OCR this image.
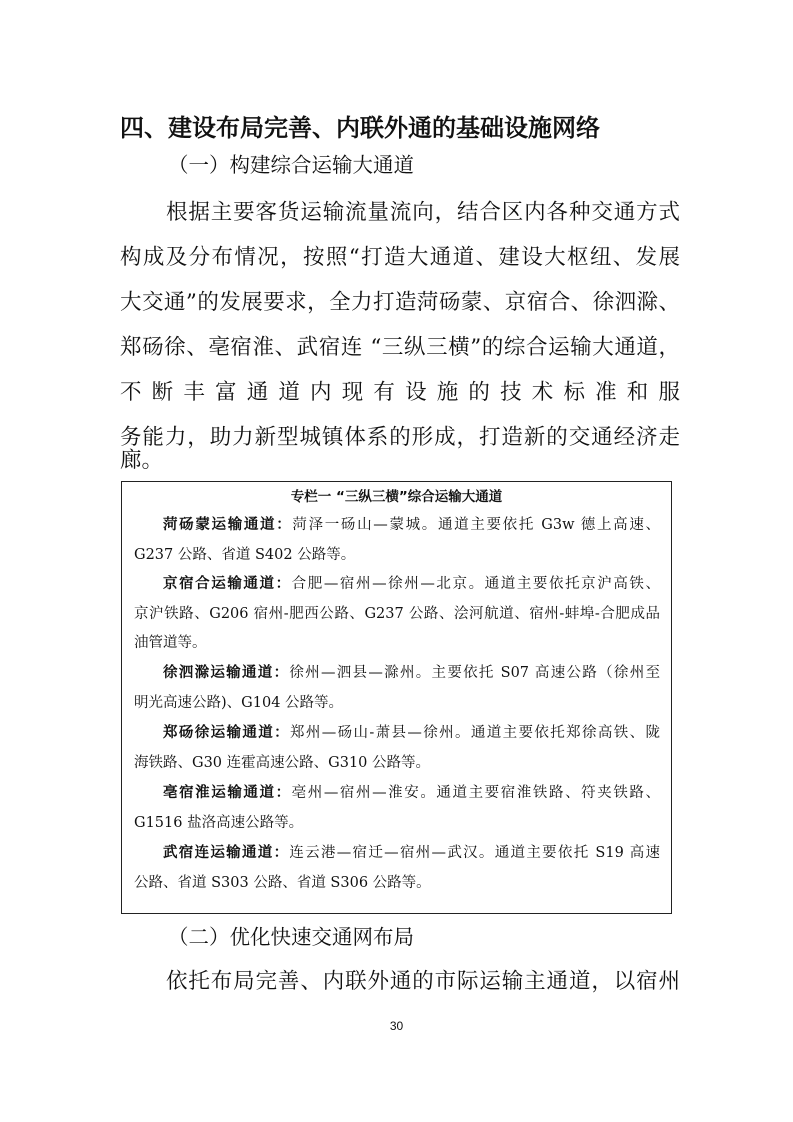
四、建设布局完善、内联外通的基础设施网络
（一）构建综合运输大通道
根据主要客货运输流量流向，结合区内各种交通方式
构成及分布情况，按照“打造大通道、建设大枢纽、发展
大交通”的发展要求，全力打造菏砀蒙、京宿合、徐泗滁、
郑砀徐、亳宿淮、武宿连 “三纵三横”的综合运输大通道，
不断丰富通道内现有设施的技术标准和服
务能力，助力新型城镇体系的形成，打造新的交通经济走
廊。
专栏一 “三纵三横”综合运输大通道
菏砀蒙运输通道：菏泽一砀山—蒙城。通道主要依托 G3w 德上高速、
G237 公路、省道 S402 公路等。
京宿合运输通道：合肥—宿州—徐州—北京。通道主要依托京沪高铁、
京沪铁路、G206 宿州-肥西公路、G237 公路、浍河航道、宿州-蚌埠-合肥成品
油管道等。
徐泗滁运输通道：徐州—泗县—滁州。主要依托 S07 高速公路（徐州至
明光高速公路)、G104 公路等。
郑砀徐运输通道：郑州—砀山-萧县—徐州。通道主要依托郑徐高铁、陇
海铁路、G30 连霍高速公路、G310 公路等。
亳宿淮运输通道：亳州—宿州—淮安。通道主要宿淮铁路、符夹铁路、
G1516 盐洛高速公路等。
武宿连运输通道：连云港—宿迁—宿州—武汉。通道主要依托 S19 高速
公路、省道 S303 公路、省道 S306 公路等。
（二）优化快速交通网布局
依托布局完善、内联外通的市际运输主通道，以宿州
30
